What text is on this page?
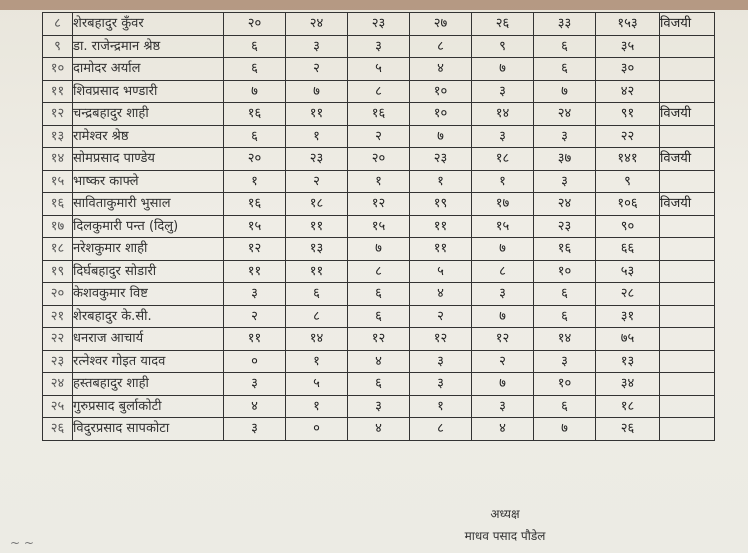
८	शेरबहादुर कुँवर	२०	२४	२३	२७	२६	३३	१५३	विजयी
९	डा. राजेन्द्रमान श्रेष्ठ	६	३	३	८	९	६	३५	
१०	दामोदर अर्याल	६	२	५	४	७	६	३०	
११	शिवप्रसाद भण्डारी	७	७	८	१०	३	७	४२	
१२	चन्द्रबहादुर शाही	१६	११	१६	१०	१४	२४	९१	विजयी
१३	रामेश्वर श्रेष्ठ	६	१	२	७	३	३	२२	
१४	सोमप्रसाद पाण्डेय	२०	२३	२०	२३	१८	३७	१४१	विजयी
१५	भाष्कर काफ्ले	१	२	१	१	१	३	९	
१६	साविताकुमारी भुसाल	१६	१८	१२	१९	१७	२४	१०६	विजयी
१७	दिलकुमारी पन्त (दिलु)	१५	११	१५	११	१५	२३	९०	
१८	नरेशकुमार शाही	१२	१३	७	११	७	१६	६६	
१९	दिर्घबहादुर सोडारी	११	११	८	५	८	१०	५३	
२०	केशवकुमार विष्ट	३	६	६	४	३	६	२८	
२१	शेरबहादुर के.सी.	२	८	६	२	७	६	३१	
२२	धनराज आचार्य	११	१४	१२	१२	१२	१४	७५	
२३	रत्नेश्वर गोइत यादव	०	१	४	३	२	३	१३	
२४	हस्तबहादुर शाही	३	५	६	३	७	१०	३४	
२५	गुरुप्रसाद बुर्लाकोटी	४	१	३	१	३	६	१८	
२६	विदुरप्रसाद सापकोटा	३	०	४	८	४	७	२६	
अध्यक्ष
माधव पसाद पौडेल
~ ~
